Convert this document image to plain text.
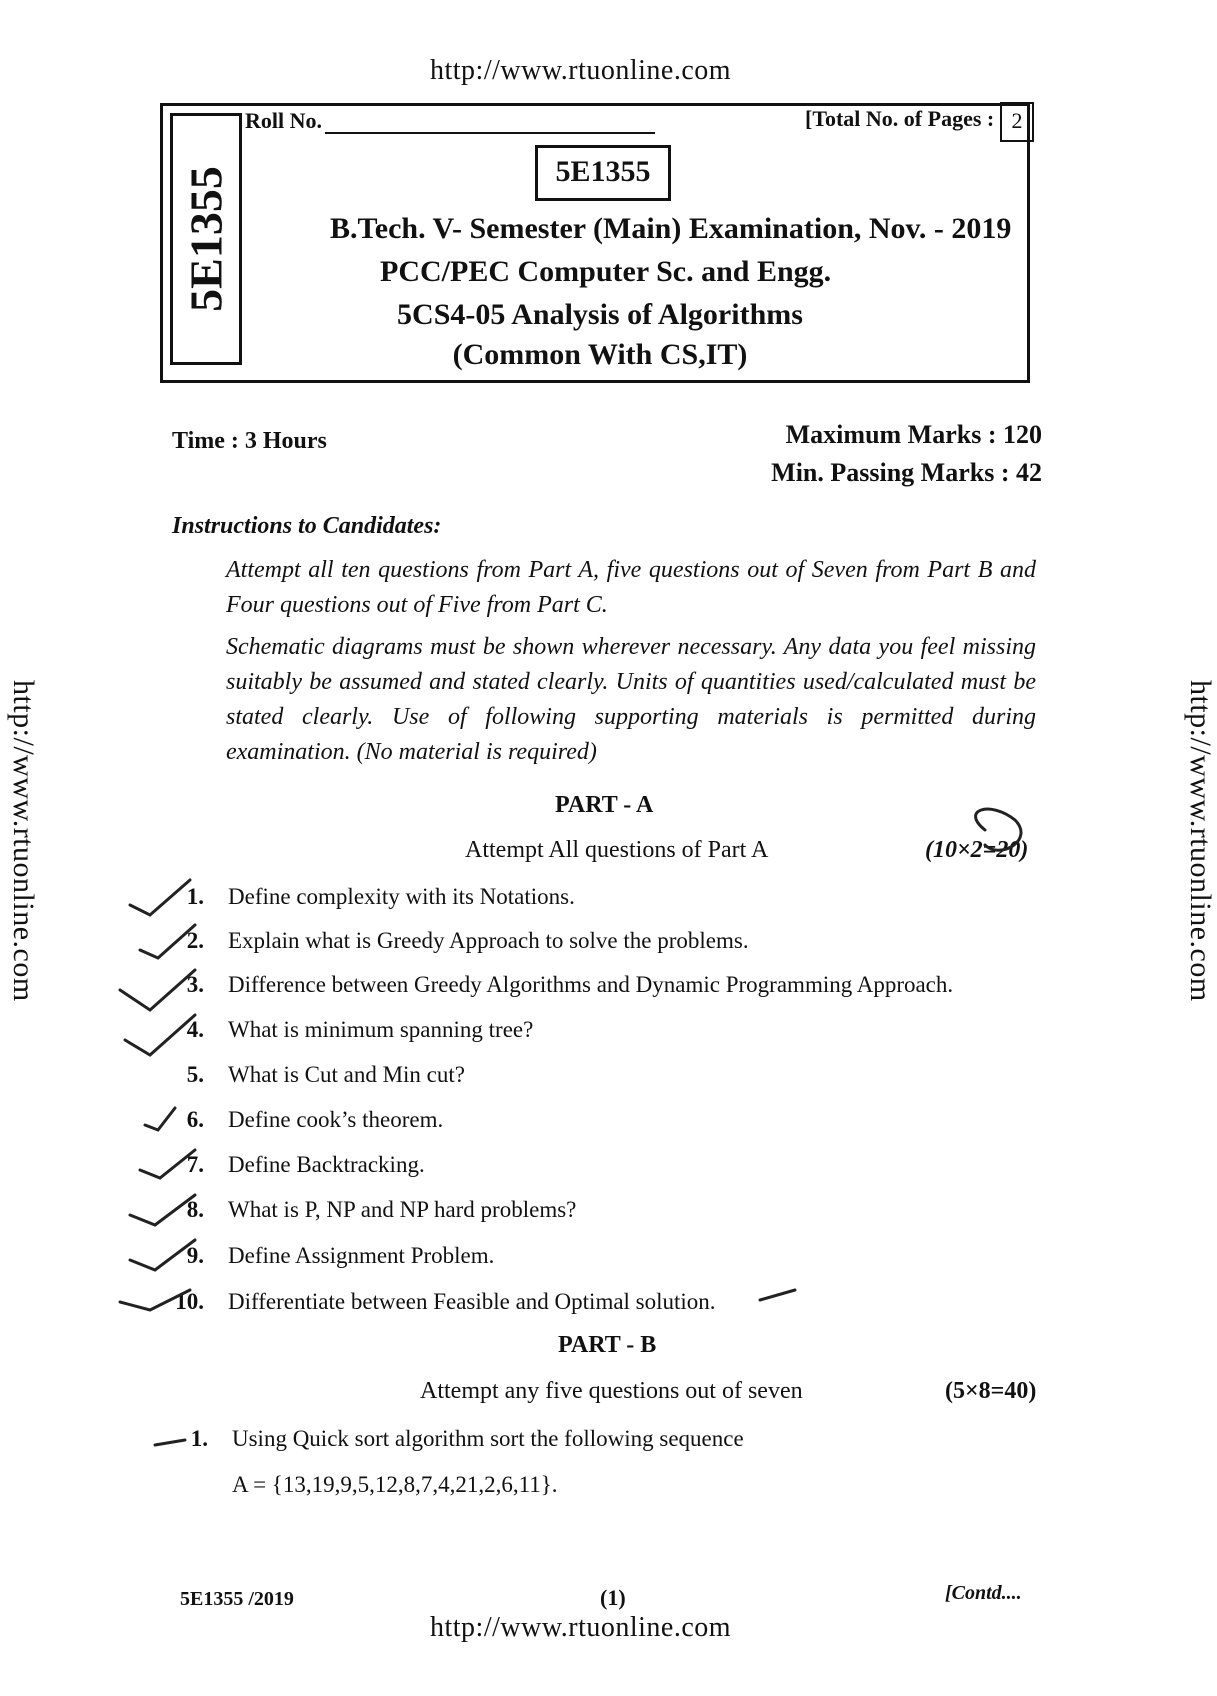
http://www.rtuonline.com
http://www.rtuonline.com	http://www.rtuonline.com
5E1355
Roll No.	[Total No. of Pages : 2
5E1355
B.Tech. V- Semester (Main) Examination, Nov. - 2019
PCC/PEC Computer Sc. and Engg.
5CS4-05 Analysis of Algorithms
(Common With CS,IT)
Time : 3 Hours	Maximum Marks : 120
Min. Passing Marks : 42
Instructions to Candidates:
Attempt all ten questions from Part A, five questions out of Seven from Part B and Four questions out of Five from Part C.
Schematic diagrams must be shown wherever necessary. Any data you feel missing suitably be assumed and stated clearly. Units of quantities used/calculated must be stated clearly. Use of following supporting materials is permitted during examination. (No material is required)
PART - A
Attempt All questions of Part A	(10×2=20)
1. Define complexity with its Notations.
2. Explain what is Greedy Approach to solve the problems.
3. Difference between Greedy Algorithms and Dynamic Programming Approach.
4. What is minimum spanning tree?
5. What is Cut and Min cut?
6. Define cook’s theorem.
7. Define Backtracking.
8. What is P, NP and NP hard problems?
9. Define Assignment Problem.
10. Differentiate between Feasible and Optimal solution.
PART - B
Attempt any five questions out of seven	(5×8=40)
1. Using Quick sort algorithm sort the following sequence
A = {13,19,9,5,12,8,7,4,21,2,6,11}.
5E1355 /2019	(1)	[Contd....
http://www.rtuonline.com
